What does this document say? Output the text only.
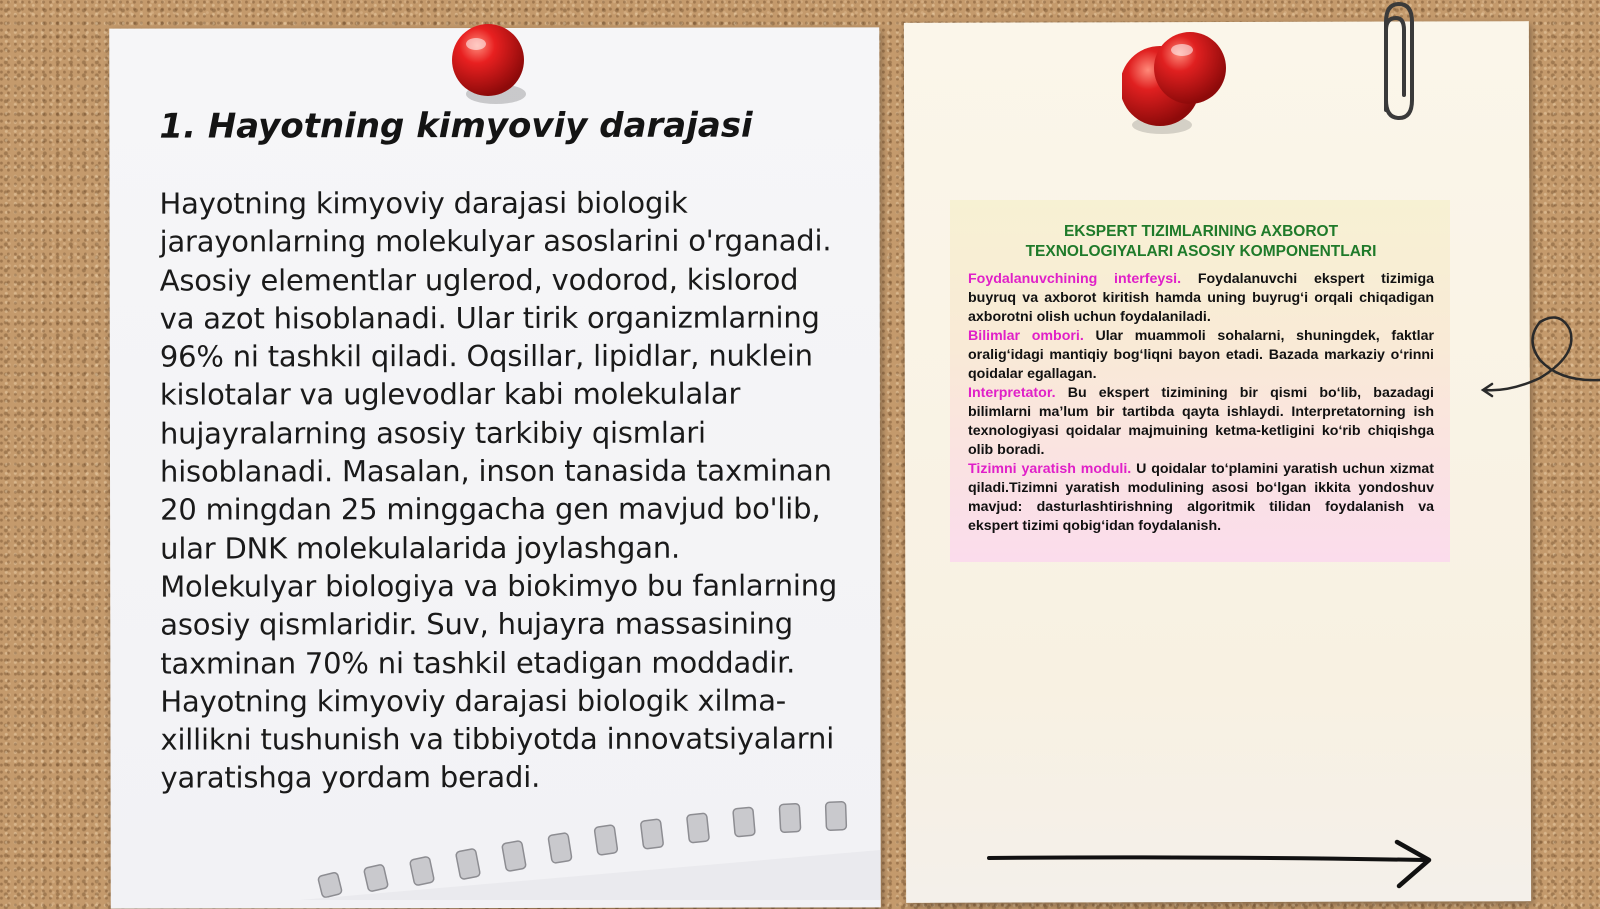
1. Hayotning kimyoviy darajasi
Hayotning kimyoviy darajasi biologik jarayonlarning molekulyar asoslarini o'rganadi. Asosiy elementlar uglerod, vodorod, kislorod va azot hisoblanadi. Ular tirik organizmlarning 96% ni tashkil qiladi. Oqsillar, lipidlar, nuklein kislotalar va uglevodlar kabi molekulalar hujayralarning asosiy tarkibiy qismlari hisoblanadi. Masalan, inson tanasida taxminan 20 mingdan 25 minggacha gen mavjud bo'lib, ular DNK molekulalarida joylashgan. Molekulyar biologiya va biokimyo bu fanlarning asosiy qismlaridir. Suv, hujayra massasining taxminan 70% ni tashkil etadigan moddadir. Hayotning kimyoviy darajasi biologik xilma-xillikni tushunish va tibbiyotda innovatsiyalarni yaratishga yordam beradi.
EKSPERT TIZIMLARINING AXBOROT
TEXNOLOGIYALARI ASOSIY KOMPONENTLARI

Foydalanuvchining interfeysi. Foydalanuvchi ekspert tizimiga buyruq va axborot kiritish hamda uning buyrug‘i orqali chiqadigan axborotni olish uchun foydalaniladi.

Bilimlar ombori. Ular muammoli sohalarni, shuningdek, faktlar oralig‘idagi mantiqiy bog‘liqni bayon etadi. Bazada markaziy o‘rinni qoidalar egallagan.

Interpretator. Bu ekspert tizimining bir qismi bo‘lib, bazadagi bilimlarni ma’lum bir tartibda qayta ishlaydi. Interpretatorning ish texnologiyasi qoidalar majmuining ketma-ketligini ko‘rib chiqishga olib boradi.

Tizimni yaratish moduli. U qoidalar to‘plamini yaratish uchun xizmat qiladi.Tizimni yaratish modulining asosi bo‘lgan ikkita yondoshuv mavjud: dasturlashtirishning algoritmik tilidan foydalanish va ekspert tizimi qobig‘idan foydalanish.
